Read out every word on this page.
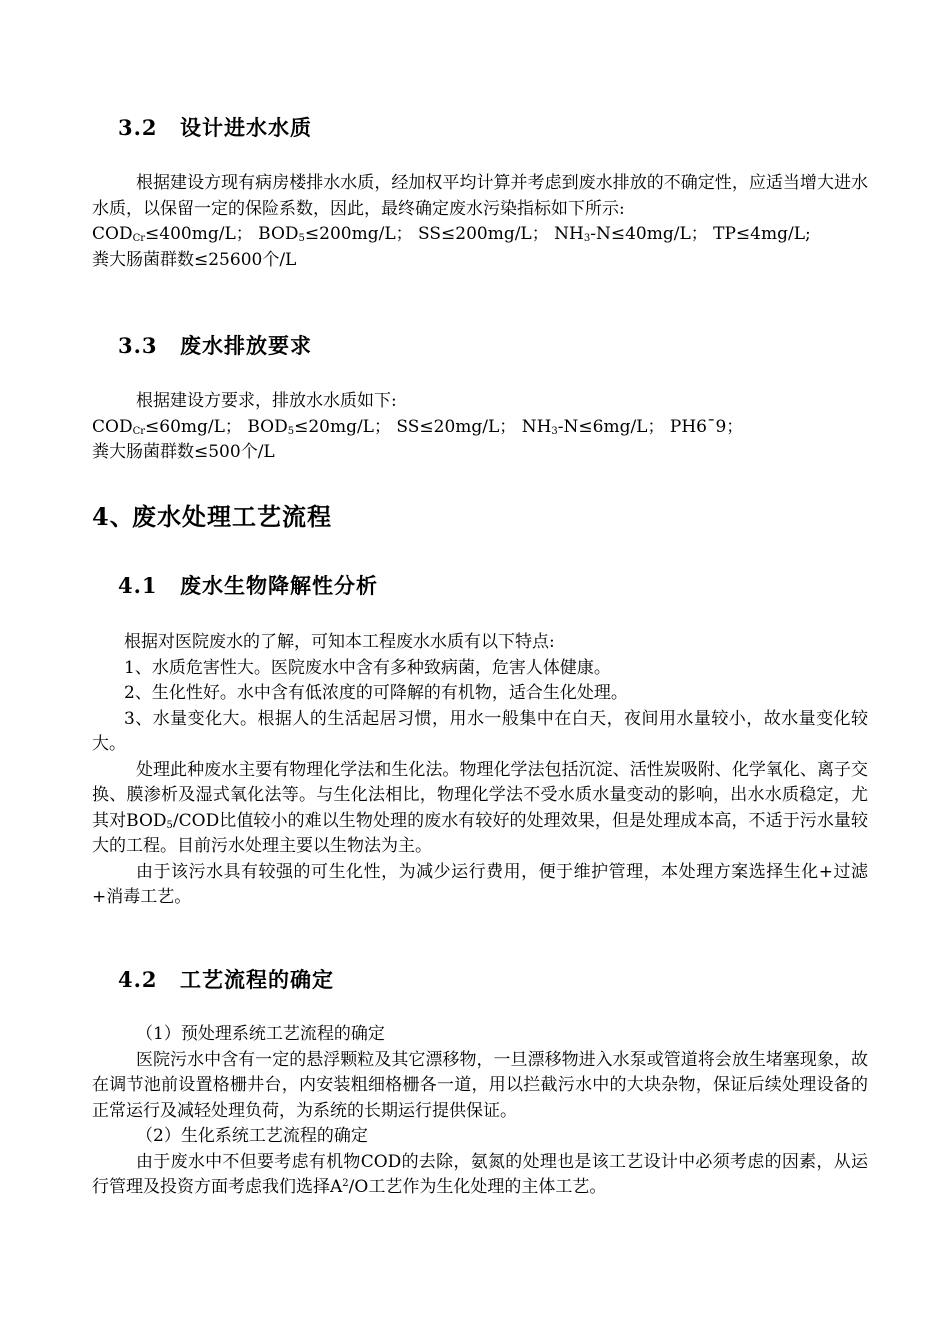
3.2 设计进水水质

根据建设方现有病房楼排水水质，经加权平均计算并考虑到废水排放的不确定性，应适当增大进水水质，以保留一定的保险系数，因此，最终确定废水污染指标如下所示:
$COD_{Cr}\le 400mg/L$； $BOD_5\le 200mg/L$； SS≤200mg/L； $NH_3-N\le 40mg/L$； TP≤4mg/L;
粪大肠菌群数≤25600个/L

3.3 废水排放要求

根据建设方要求，排放水水质如下:
$COD_{Cr}\le 60mg/L$； $BOD_5\le 20mg/L$； SS≤20mg/L； $NH_3-N\le 6mg/L$； PH6¯9；
粪大肠菌群数≤500个/L

4、废水处理工艺流程
4.1 废水生物降解性分析
根据对医院废水的了解，可知本工程废水水质有以下特点:
1、水质危害性大。医院废水中含有多种致病菌，危害人体健康。
2、生化性好。水中含有低浓度的可降解的有机物，适合生化处理。
3、水量变化大。根据人的生活起居习惯，用水一般集中在白天，夜间用水量较小，故水量变化较大。
处理此种废水主要有物理化学法和生化法。物理化学法包括沉淀、活性炭吸附、化学氧化、离子交换、膜渗析及湿式氧化法等。与生化法相比，物理化学法不受水质水量变动的影响，出水水质稳定，尤其对$BOD_5$/COD比值较小的难以生物处理的废水有较好的处理效果，但是处理成本高，不适于污水量较大的工程。目前污水处理主要以生物法为主。
由于该污水具有较强的可生化性，为减少运行费用，便于维护管理，本处理方案选择生化+过滤+消毒工艺。
4.2 工艺流程的确定
（1）预处理系统工艺流程的确定
医院污水中含有一定的悬浮颗粒及其它漂移物，一旦漂移物进入水泵或管道将会放生堵塞现象，故在调节池前设置格栅井台，内安装粗细格栅各一道，用以拦截污水中的大块杂物，保证后续处理设备的正常运行及减轻处理负荷，为系统的长期运行提供保证。
（2）生化系统工艺流程的确定
由于废水中不但要考虑有机物COD的去除，氨氮的处理也是该工艺设计中必须考虑的因素，从运行管理及投资方面考虑我们选择$A^2/O$工艺作为生化处理的主体工艺。
